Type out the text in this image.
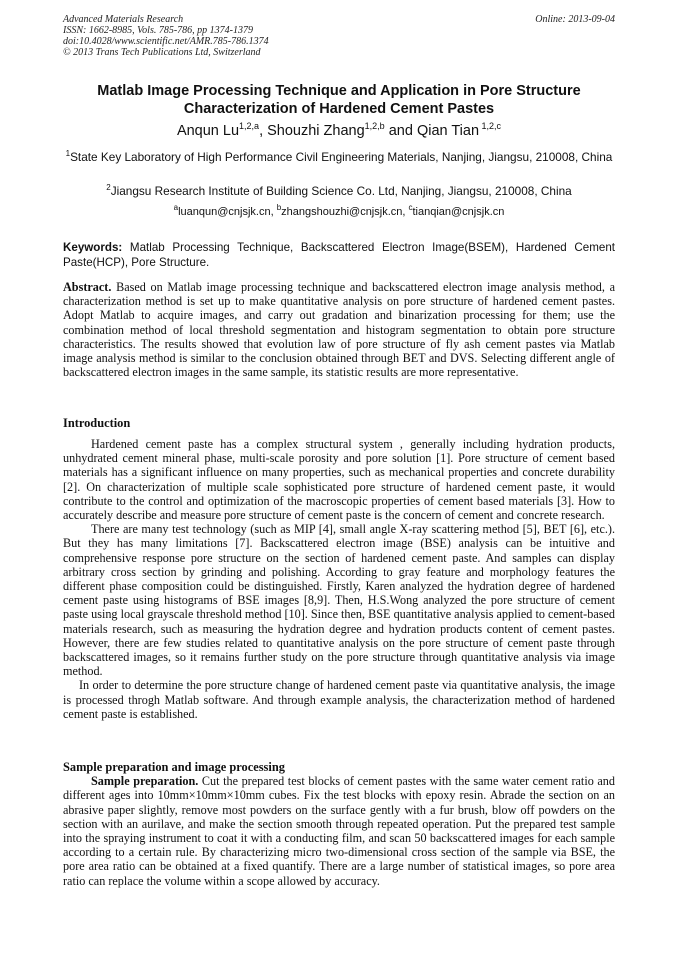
Advanced Materials Research
ISSN: 1662-8985, Vols. 785-786, pp 1374-1379
doi:10.4028/www.scientific.net/AMR.785-786.1374
© 2013 Trans Tech Publications Ltd, Switzerland
Online: 2013-09-04
Matlab Image Processing Technique and Application in Pore Structure
Characterization of Hardened Cement Pastes
Anqun Lu$^{1,2,a}$, Shouzhi Zhang$^{1,2,b}$ and Qian Tian $^{1,2,c}$
$^1$State Key Laboratory of High Performance Civil Engineering Materials, Nanjing, Jiangsu, 210008, China
$^2$Jiangsu Research Institute of Building Science Co. Ltd, Nanjing, Jiangsu, 210008, China
$^a$luanqun@cnjsjk.cn, $^b$zhangshouzhi@cnjsjk.cn, $^c$tianqian@cnjsjk.cn
Keywords: Matlab Processing Technique, Backscattered Electron Image(BSEM), Hardened Cement Paste(HCP), Pore Structure.

Abstract. Based on Matlab image processing technique and backscattered electron image analysis method, a characterization method is set up to make quantitative analysis on pore structure of hardened cement pastes. Adopt Matlab to acquire images, and carry out gradation and binarization processing for them; use the combination method of local threshold segmentation and histogram segmentation to obtain pore structure characteristics. The results showed that evolution law of pore structure of fly ash cement pastes via Matlab image analysis method is similar to the conclusion obtained through BET and DVS. Selecting different angle of backscattered electron images in the same sample, its statistic results are more representative.

Introduction

Hardened cement paste has a complex structural system , generally including hydration products, unhydrated cement mineral phase, multi-scale porosity and pore solution [1]. Pore structure of cement based materials has a significant influence on many properties, such as mechanical properties and concrete durability [2]. On characterization of multiple scale sophisticated pore structure of hardened cement paste, it would contribute to the control and optimization of the macroscopic properties of cement based materials [3]. How to accurately describe and measure pore structure of cement paste is the concern of cement and concrete research.

There are many test technology (such as MIP [4], small angle X-ray scattering method [5], BET [6], etc.). But they has many limitations [7]. Backscattered electron image (BSE) analysis can be intuitive and comprehensive response pore structure on the section of hardened cement paste. And samples can display arbitrary cross section by grinding and polishing. According to gray feature and morphology features the different phase composition could be distinguished. Firstly, Karen analyzed the hydration degree of hardened cement paste using histograms of BSE images [8,9]. Then, H.S.Wong analyzed the pore structure of cement paste using local grayscale threshold method [10]. Since then, BSE quantitative analysis applied to cement-based materials research, such as measuring the hydration degree and hydration products content of cement pastes. However, there are few studies related to quantitative analysis on the pore structure of cement paste through backscattered images, so it remains further study on the pore structure through quantitative analysis via image method.

In order to determine the pore structure change of hardened cement paste via quantitative analysis, the image is processed throgh Matlab software. And through example analysis, the characterization method of hardened cement paste is established.

Sample preparation and image processing

Sample preparation. Cut the prepared test blocks of cement pastes with the same water cement ratio and different ages into 10mm×10mm×10mm cubes. Fix the test blocks with epoxy resin. Abrade the section on an abrasive paper slightly, remove most powders on the surface gently with a fur brush, blow off powders on the section with an aurilave, and make the section smooth through repeated operation. Put the prepared test sample into the spraying instrument to coat it with a conducting film, and scan 50 backscattered images for each sample according to a certain rule. By characterizing micro two-dimensional cross section of the sample via BSE, the pore area ratio can be obtained at a fixed quantify. There are a large number of statistical images, so pore area ratio can replace the volume within a scope allowed by accuracy.
